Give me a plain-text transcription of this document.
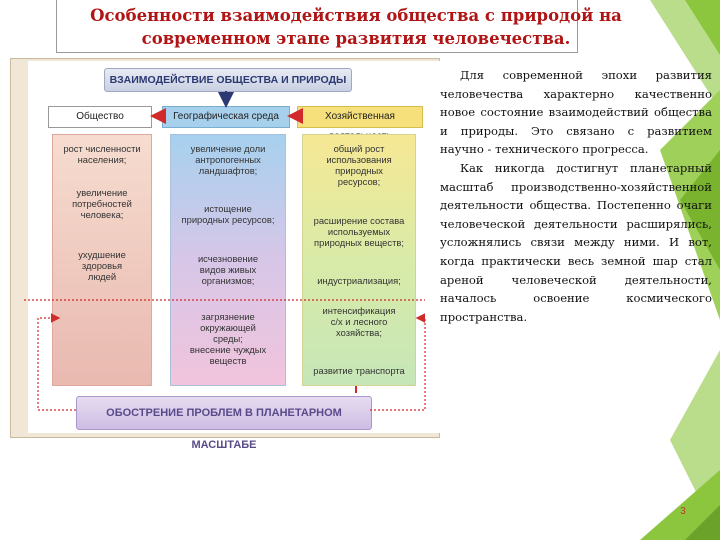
Особенности взаимодействия общества с природой на
современном этапе развития человечества.
ВЗАИМОДЕЙСТВИЕ ОБЩЕСТВА И ПРИРОДЫ
Общество	Географическая среда	Хозяйственная
рост численности
населения;
увеличение
потребностей
человека;
ухудшение
здоровья
людей
увеличение доли
антропогенных
ландшафтов;
истощение
природных ресурсов;
исчезновение
видов живых
организмов;
загрязнение
окружающей
среды;
внесение чуждых
веществ
общий рост
использования
природных
ресурсов;
расширение состава
используемых
природных веществ;
индустриализация;
интенсификация
с/х и лесного
хозяйства;
развитие транспорта
ОБОСТРЕНИЕ ПРОБЛЕМ В ПЛАНЕТАРНОМ МАСШТАБЕ

Для современной эпохи развития человечества характерно качественно новое состояние взаимодействий общества и природы. Это связано с развитием научно - технического прогресса.

Как никогда достигнут планетарный масштаб производственно-хозяйственной деятельности общества. Постепенно очаги человеческой деятельности расширялись, усложнялись связи между ними. И вот, когда практически весь земной шар стал ареной человеческой деятельности, началось освоение космического пространства.

3
